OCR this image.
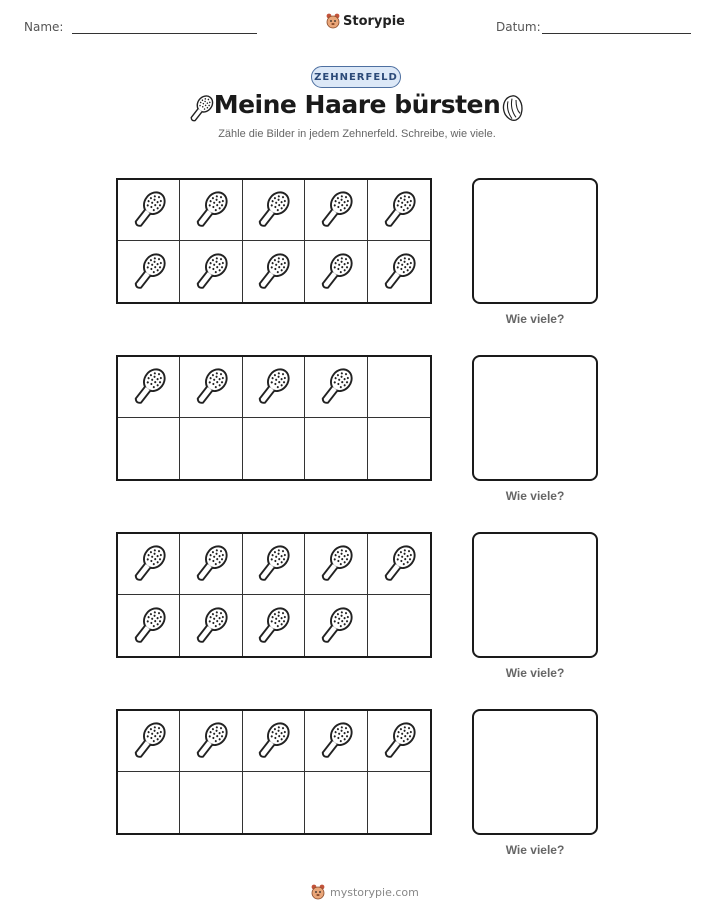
Name:	Storypie	Datum:
ZEHNERFELD
Meine Haare bürsten
Zähle die Bilder in jedem Zehnerfeld. Schreibe, wie viele.
Wie viele?
Wie viele?
Wie viele?
Wie viele?
mystorypie.com
